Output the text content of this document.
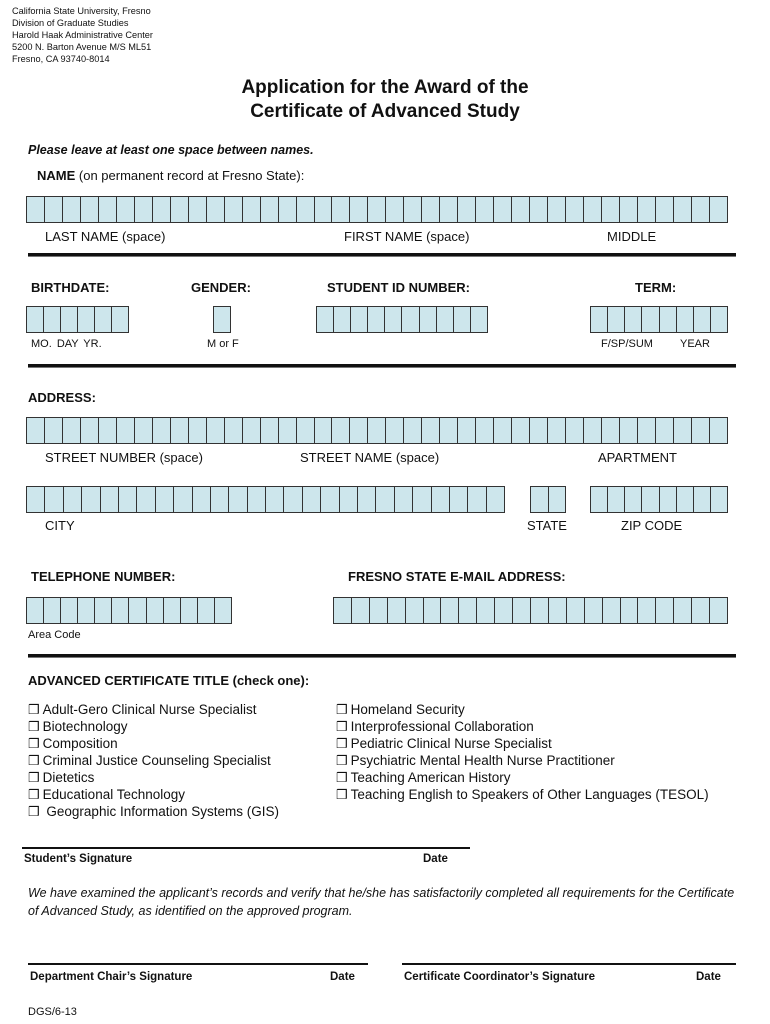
California State University, Fresno
Division of Graduate Studies
Harold Haak Administrative Center
5200 N. Barton Avenue M/S ML51
Fresno, CA 93740-8014
Application for the Award of the
Certificate of Advanced Study
Please leave at least one space between names.
NAME (on permanent record at Fresno State):
LAST NAME (space)	FIRST NAME (space)	MIDDLE
BIRTHDATE:	GENDER:	STUDENT ID NUMBER:	TERM:
MO. DAY YR.	M or F	F/SP/SUM YEAR
ADDRESS:
STREET NUMBER (space)	STREET NAME (space)	APARTMENT
CITY	STATE	ZIP CODE
TELEPHONE NUMBER:	FRESNO STATE E-MAIL ADDRESS:
Area Code
ADVANCED CERTIFICATE TITLE (check one):
❒ Adult-Gero Clinical Nurse Specialist
❒ Biotechnology
❒ Composition
❒ Criminal Justice Counseling Specialist
❒ Dietetics
❒ Educational Technology
❒ Geographic Information Systems (GIS)
❒ Homeland Security
❒ Interprofessional Collaboration
❒ Pediatric Clinical Nurse Specialist
❒ Psychiatric Mental Health Nurse Practitioner
❒ Teaching American History
❒ Teaching English to Speakers of Other Languages (TESOL)
Student’s Signature	Date
We have examined the applicant’s records and verify that he/she has satisfactorily completed all requirements for the Certificate of Advanced Study, as identified on the approved program.
Department Chair’s Signature	Date	Certificate Coordinator’s Signature	Date
DGS/6-13
